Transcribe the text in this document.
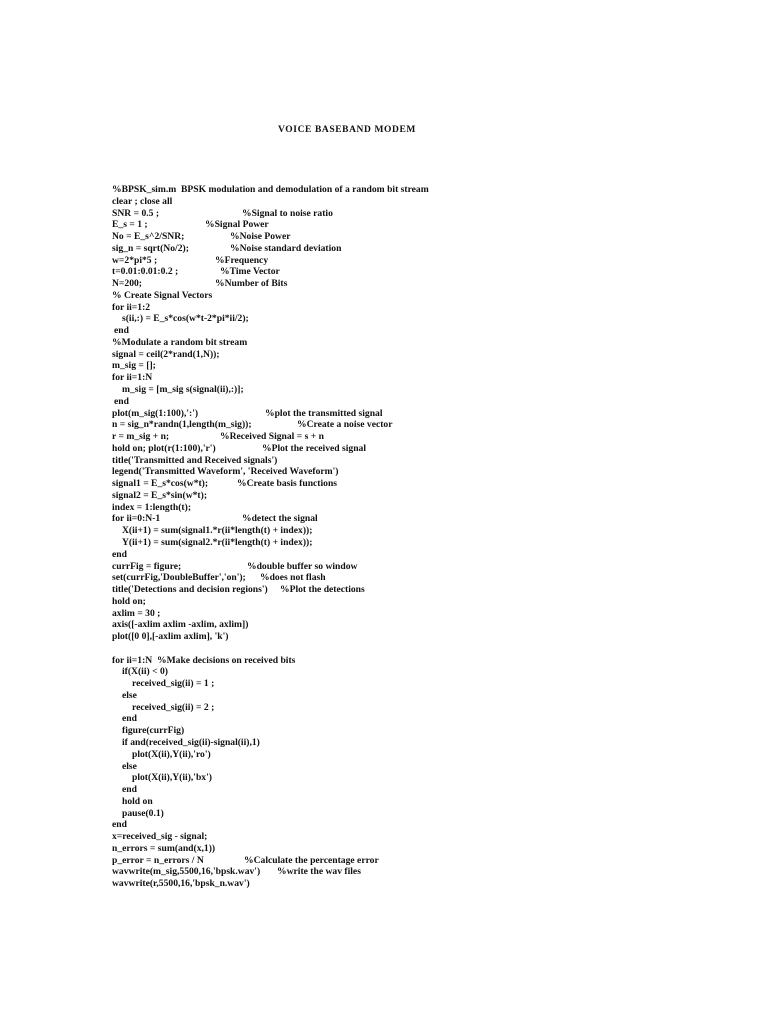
VOICE BASEBAND MODEM
%BPSK_sim.m  BPSK modulation and demodulation of a random bit stream
clear ; close all
SNR = 0.5 ;	%Signal to noise ratio
E_s = 1 ;	%Signal Power
No = E_s^2/SNR;	%Noise Power
sig_n = sqrt(No/2);	%Noise standard deviation
w=2*pi*5 ;	%Frequency
t=0.01:0.01:0.2 ;	%Time Vector
N=200;	%Number of Bits
% Create Signal Vectors
for ii=1:2
s(ii,:) = E_s*cos(w*t-2*pi*ii/2);
end
%Modulate a random bit stream
signal = ceil(2*rand(1,N));
m_sig = [];
for ii=1:N
m_sig = [m_sig s(signal(ii),:)];
end
plot(m_sig(1:100),':')	%plot the transmitted signal
n = sig_n*randn(1,length(m_sig));	%Create a noise vector
r = m_sig + n;	%Received Signal = s + n
hold on; plot(r(1:100),'r')	%Plot the received signal
title('Transmitted and Received signals')
legend('Transmitted Waveform', 'Received Waveform')
signal1 = E_s*cos(w*t);	%Create basis functions
signal2 = E_s*sin(w*t);
index = 1:length(t);
for ii=0:N-1	%detect the signal
X(ii+1) = sum(signal1.*r(ii*length(t) + index));
Y(ii+1) = sum(signal2.*r(ii*length(t) + index));
end
currFig = figure;	%double buffer so window
set(currFig,'DoubleBuffer','on'); %does not flash
title('Detections and decision regions') %Plot the detections
hold on;
axlim = 30 ;
axis([-axlim axlim -axlim, axlim])
plot([0 0],[-axlim axlim], 'k')
for ii=1:N %Make decisions on received bits
if(X(ii) < 0)
received_sig(ii) = 1 ;
else
received_sig(ii) = 2 ;
end
figure(currFig)
if and(received_sig(ii)-signal(ii),1)
plot(X(ii),Y(ii),'ro')
else
plot(X(ii),Y(ii),'bx')
end
hold on
pause(0.1)
end
x=received_sig - signal;
n_errors = sum(and(x,1))
p_error = n_errors / N	%Calculate the percentage error
wavwrite(m_sig,5500,16,'bpsk.wav') %write the wav files
wavwrite(r,5500,16,'bpsk_n.wav')
